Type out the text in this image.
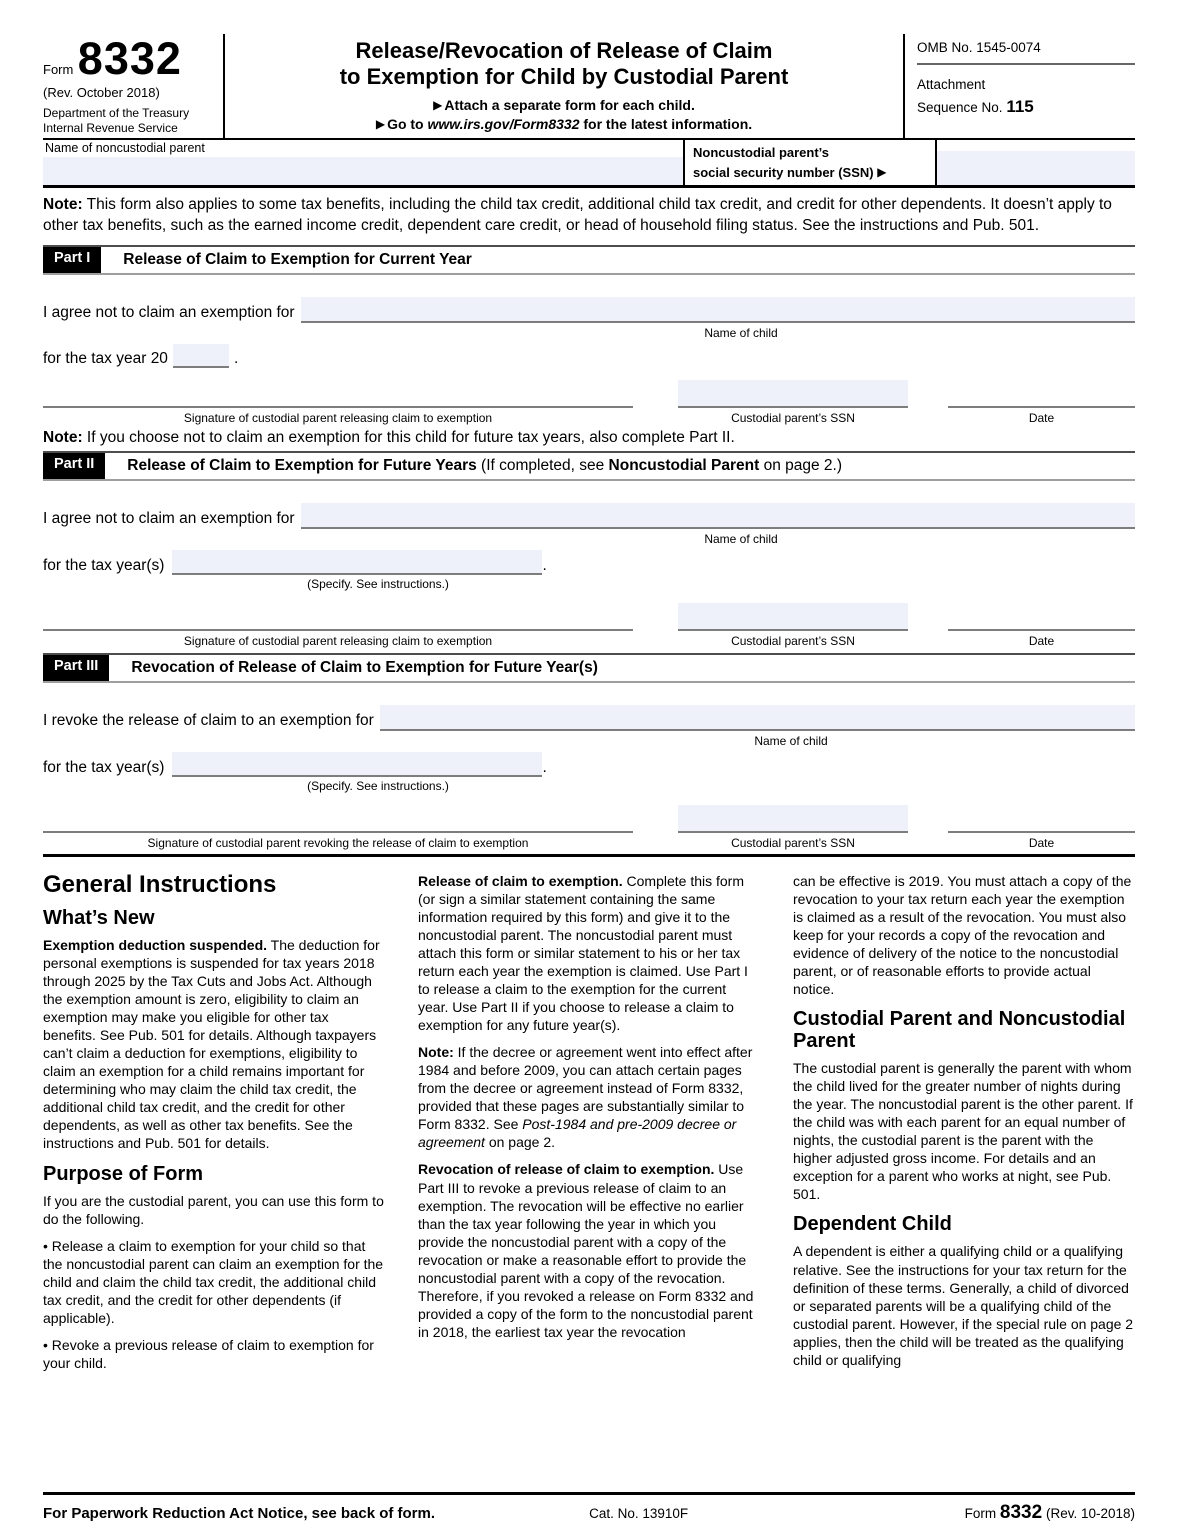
Form 8332
(Rev. October 2018)
Department of the Treasury
Internal Revenue Service
Release/Revocation of Release of Claim
to Exemption for Child by Custodial Parent
▶ Attach a separate form for each child.
▶ Go to www.irs.gov/Form8332 for the latest information.
OMB No. 1545-0074
Attachment
Sequence No. 115
Name of noncustodial parent	Noncustodial parent’s
social security number (SSN) ▶
Note: This form also applies to some tax benefits, including the child tax credit, additional child tax credit, and credit for other dependents. It doesn’t apply to other tax benefits, such as the earned income credit, dependent care credit, or head of household filing status. See the instructions and Pub. 501.
Part I	Release of Claim to Exemption for Current Year
I agree not to claim an exemption for
Name of child
for the tax year 20	.
Signature of custodial parent releasing claim to exemption	Custodial parent’s SSN	Date
Note: If you choose not to claim an exemption for this child for future tax years, also complete Part II.
Part II	Release of Claim to Exemption for Future Years (If completed, see Noncustodial Parent on page 2.)
I agree not to claim an exemption for
Name of child
for the tax year(s)	.
(Specify. See instructions.)
Signature of custodial parent releasing claim to exemption	Custodial parent’s SSN	Date
Part III	Revocation of Release of Claim to Exemption for Future Year(s)
I revoke the release of claim to an exemption for
Name of child
for the tax year(s)	.
(Specify. See instructions.)
Signature of custodial parent revoking the release of claim to exemption	Custodial parent’s SSN	Date
General Instructions
What’s New

Exemption deduction suspended. The deduction for personal exemptions is suspended for tax years 2018 through 2025 by the Tax Cuts and Jobs Act. Although the exemption amount is zero, eligibility to claim an exemption may make you eligible for other tax benefits. See Pub. 501 for details. Although taxpayers can’t claim a deduction for exemptions, eligibility to claim an exemption for a child remains important for determining who may claim the child tax credit, the additional child tax credit, and the credit for other dependents, as well as other tax benefits. See the instructions and Pub. 501 for details.

Purpose of Form

If you are the custodial parent, you can use this form to do the following.

• Release a claim to exemption for your child so that the noncustodial parent can claim an exemption for the child and claim the child tax credit, the additional child tax credit, and the credit for other dependents (if applicable).

• Revoke a previous release of claim to exemption for your child.

Release of claim to exemption. Complete this form (or sign a similar statement containing the same information required by this form) and give it to the noncustodial parent. The noncustodial parent must attach this form or similar statement to his or her tax return each year the exemption is claimed. Use Part I to release a claim to the exemption for the current year. Use Part II if you choose to release a claim to exemption for any future year(s).

Note: If the decree or agreement went into effect after 1984 and before 2009, you can attach certain pages from the decree or agreement instead of Form 8332, provided that these pages are substantially similar to Form 8332. See Post-1984 and pre-2009 decree or agreement on page 2.

Revocation of release of claim to exemption. Use Part III to revoke a previous release of claim to an exemption. The revocation will be effective no earlier than the tax year following the year in which you provide the noncustodial parent with a copy of the revocation or make a reasonable effort to provide the noncustodial parent with a copy of the revocation. Therefore, if you revoked a release on Form 8332 and provided a copy of the form to the noncustodial parent in 2018, the earliest tax year the revocation

can be effective is 2019. You must attach a copy of the revocation to your tax return each year the exemption is claimed as a result of the revocation. You must also keep for your records a copy of the revocation and evidence of delivery of the notice to the noncustodial parent, or of reasonable efforts to provide actual notice.

Custodial Parent and Noncustodial Parent

The custodial parent is generally the parent with whom the child lived for the greater number of nights during the year. The noncustodial parent is the other parent. If the child was with each parent for an equal number of nights, the custodial parent is the parent with the higher adjusted gross income. For details and an exception for a parent who works at night, see Pub. 501.

Dependent Child

A dependent is either a qualifying child or a qualifying relative. See the instructions for your tax return for the definition of these terms. Generally, a child of divorced or separated parents will be a qualifying child of the custodial parent. However, if the special rule on page 2 applies, then the child will be treated as the qualifying child or qualifying

For Paperwork Reduction Act Notice, see back of form.	Cat. No. 13910F	Form 8332 (Rev. 10-2018)
